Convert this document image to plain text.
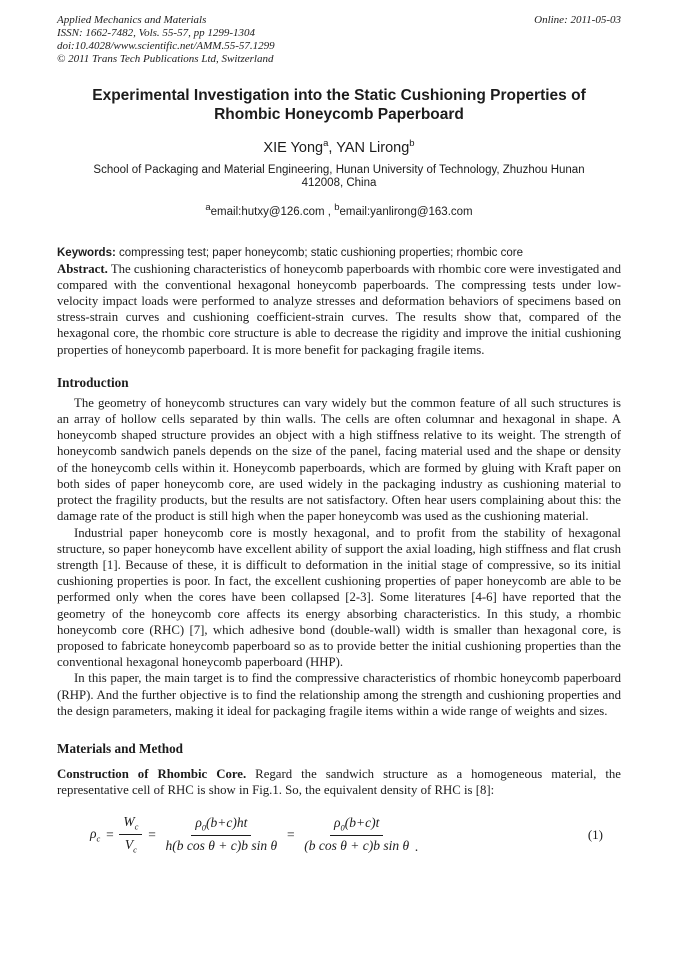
Applied Mechanics and Materials
ISSN: 1662-7482, Vols. 55-57, pp 1299-1304
doi:10.4028/www.scientific.net/AMM.55-57.1299
© 2011 Trans Tech Publications Ltd, Switzerland
Online: 2011-05-03
Experimental Investigation into the Static Cushioning Properties of
Rhombic Honeycomb Paperboard
XIE Yong$^a$, YAN Lirong$^b$
School of Packaging and Material Engineering, Hunan University of Technology, Zhuzhou Hunan
412008, China
$^a$email:hutxy@126.com , $^b$email:yanlirong@163.com
Keywords: compressing test; paper honeycomb; static cushioning properties; rhombic core

Abstract. The cushioning characteristics of honeycomb paperboards with rhombic core were investigated and compared with the conventional hexagonal honeycomb paperboards. The compressing tests under low-velocity impact loads were performed to analyze stresses and deformation behaviors of specimens based on stress-strain curves and cushioning coefficient-strain curves. The results show that, compared of the hexagonal core, the rhombic core structure is able to decrease the rigidity and improve the initial cushioning properties of honeycomb paperboard. It is more benefit for packaging fragile items.

Introduction

The geometry of honeycomb structures can vary widely but the common feature of all such structures is an array of hollow cells separated by thin walls. The cells are often columnar and hexagonal in shape. A honeycomb shaped structure provides an object with a high stiffness relative to its weight. The strength of honeycomb sandwich panels depends on the size of the panel, facing material used and the shape or density of the honeycomb cells within it. Honeycomb paperboards, which are formed by gluing with Kraft paper on both sides of paper honeycomb core, are used widely in the packaging industry as cushioning material to protect the fragility products, but the results are not satisfactory. Often hear users complaining about this: the damage rate of the product is still high when the paper honeycomb was used as the cushioning material.

Industrial paper honeycomb core is mostly hexagonal, and to profit from the stability of hexagonal structure, so paper honeycomb have excellent ability of support the axial loading, high stiffness and flat crush strength [1]. Because of these, it is difficult to deformation in the initial stage of compressive, so its initial cushioning properties is poor. In fact, the excellent cushioning properties of paper honeycomb are able to be performed only when the cores have been collapsed [2-3]. Some literatures [4-6] have reported that the geometry of the honeycomb core affects its energy absorbing characteristics. In this study, a rhombic honeycomb core (RHC) [7], which adhesive bond (double-wall) width is smaller than hexagonal core, is proposed to fabricate honeycomb paperboard so as to provide better the initial cushioning properties than the conventional hexagonal honeycomb paperboard (HHP).

In this paper, the main target is to find the compressive characteristics of rhombic honeycomb paperboard (RHP). And the further objective is to find the relationship among the strength and cushioning properties and the design parameters, making it ideal for packaging fragile items within a wide range of weights and sizes.

Materials and Method

Construction of Rhombic Core. Regard the sandwich structure as a homogeneous material, the representative cell of RHC is show in Fig.1. So, the equivalent density of RHC is [8]:

$\rho_c = \frac{W_c}{V_c} = \frac{\rho_0(b+c)ht}{\text{h(b cos θ + c)b sin θ}} = \frac{\rho_0(b+c)t}{\text{(b cos θ + c)b sin θ}}$ .
(1)
